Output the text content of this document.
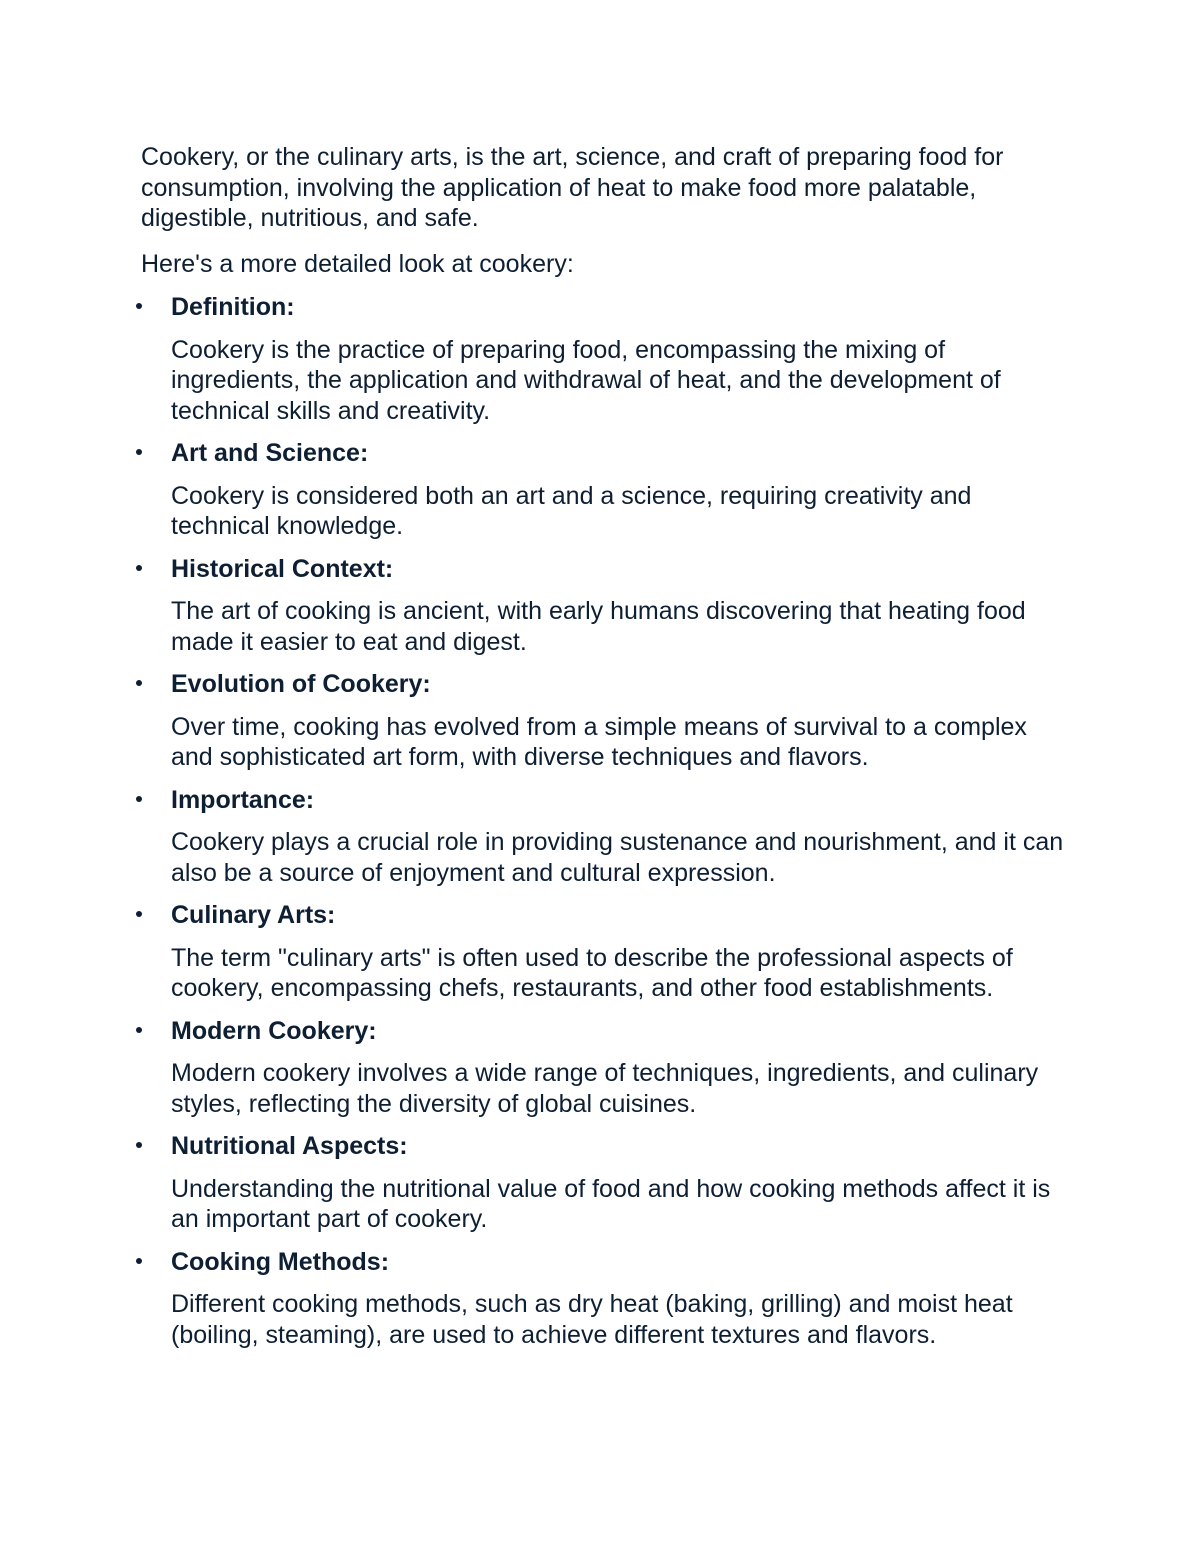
Cookery, or the culinary arts, is the art, science, and craft of preparing food for consumption, involving the application of heat to make food more palatable, digestible, nutritious, and safe.

Here's a more detailed look at cookery:

Definition:
Cookery is the practice of preparing food, encompassing the mixing of ingredients, the application and withdrawal of heat, and the development of technical skills and creativity.
Art and Science:
Cookery is considered both an art and a science, requiring creativity and technical knowledge.
Historical Context:
The art of cooking is ancient, with early humans discovering that heating food made it easier to eat and digest.
Evolution of Cookery:
Over time, cooking has evolved from a simple means of survival to a complex and sophisticated art form, with diverse techniques and flavors.
Importance:
Cookery plays a crucial role in providing sustenance and nourishment, and it can also be a source of enjoyment and cultural expression.
Culinary Arts:
The term "culinary arts" is often used to describe the professional aspects of cookery, encompassing chefs, restaurants, and other food establishments.
Modern Cookery:
Modern cookery involves a wide range of techniques, ingredients, and culinary styles, reflecting the diversity of global cuisines.
Nutritional Aspects:
Understanding the nutritional value of food and how cooking methods affect it is an important part of cookery.
Cooking Methods:
Different cooking methods, such as dry heat (baking, grilling) and moist heat (boiling, steaming), are used to achieve different textures and flavors.
